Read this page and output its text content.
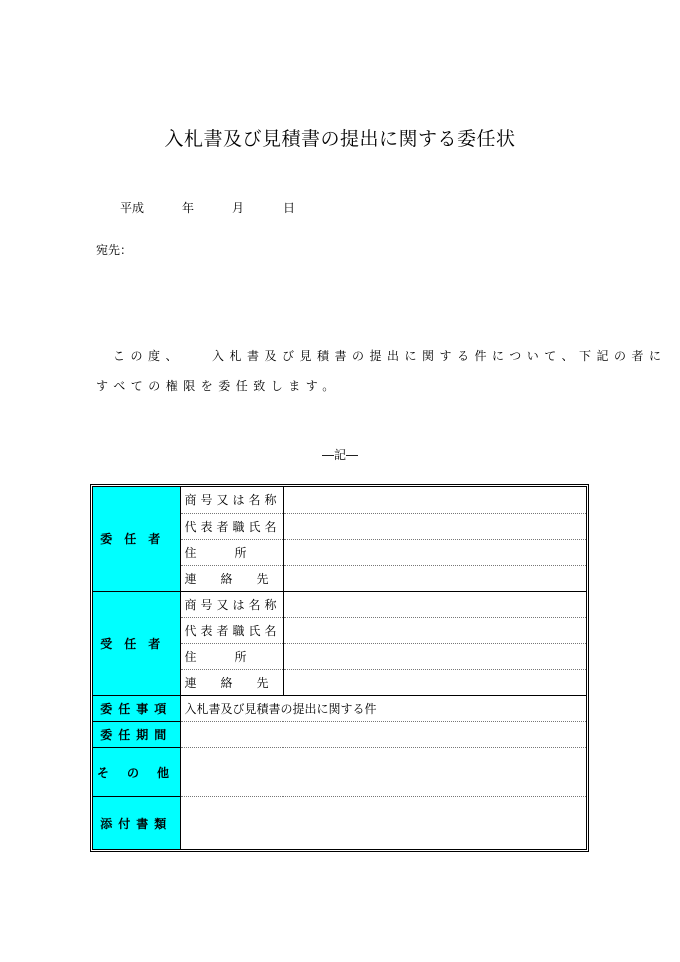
入札書及び見積書の提出に関する委任状
平成	年	月	日
宛先：
この度、　　入札書及び見積書の提出に関する件について、下記の者に
すべての権限を委任致します。
―記―
委任者	商号又は名称	
	代表者職氏名	
	住所	
	連絡先	
受任者	商号又は名称	
	代表者職氏名	
	住所	
	連絡先	
委任事項	入札書及び見積書の提出に関する件	
委任期間		
その他		
添付書類		
